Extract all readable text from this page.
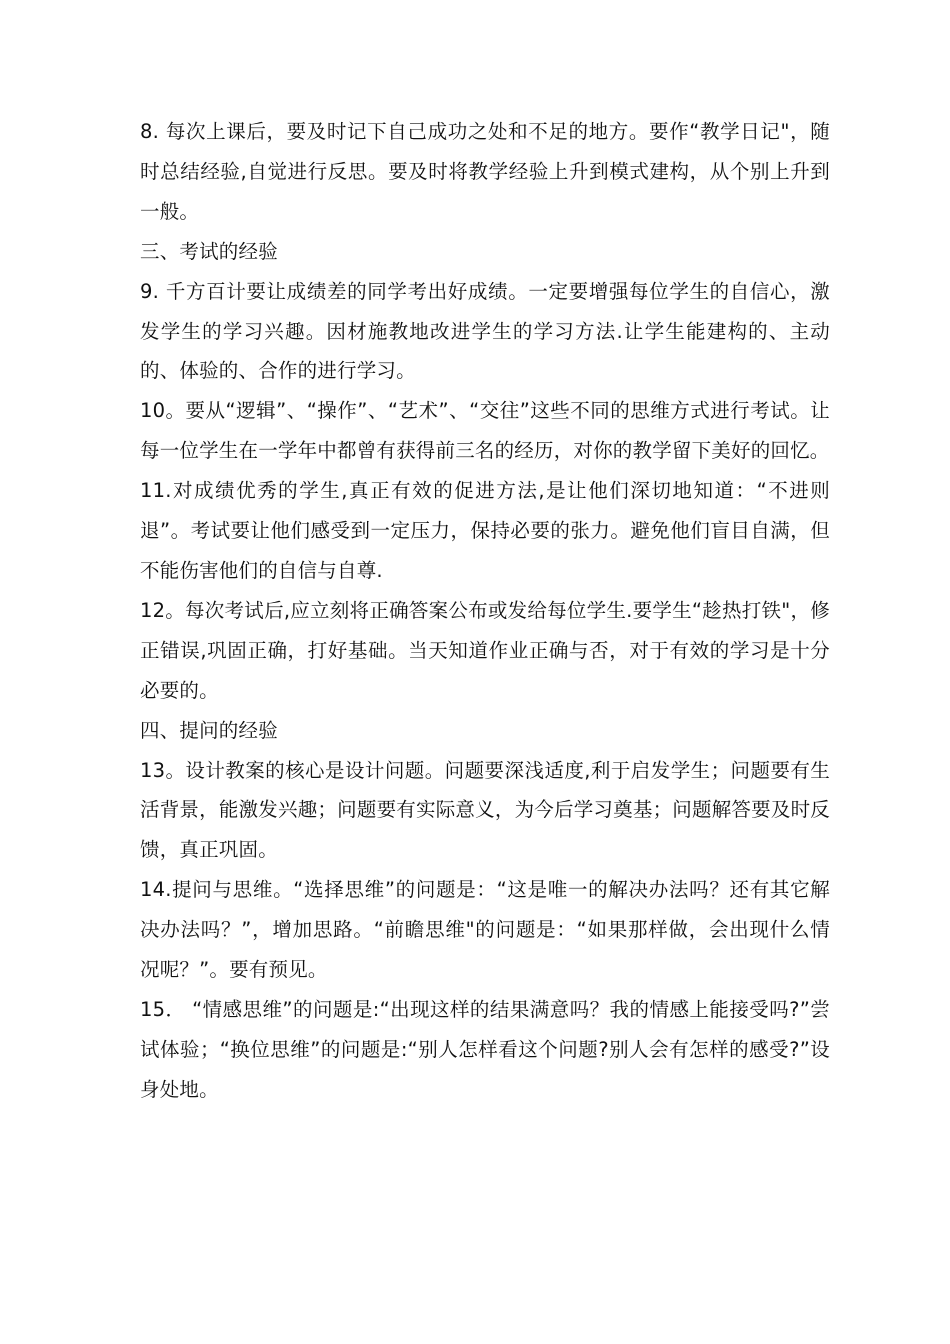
8. 每次上课后，要及时记下自己成功之处和不足的地方。要作“教学日记"，随时总结经验,自觉进行反思。要及时将教学经验上升到模式建构，从个别上升到一般。

三、考试的经验

9. 千方百计要让成绩差的同学考出好成绩。一定要增强每位学生的自信心，激发学生的学习兴趣。因材施教地改进学生的学习方法.让学生能建构的、主动的、体验的、合作的进行学习。

10。要从“逻辑”、“操作”、“艺术”、“交往”这些不同的思维方式进行考试。让每一位学生在一学年中都曾有获得前三名的经历，对你的教学留下美好的回忆。

11.对成绩优秀的学生,真正有效的促进方法,是让他们深切地知道：“不进则退”。考试要让他们感受到一定压力，保持必要的张力。避免他们盲目自满，但不能伤害他们的自信与自尊.

12。每次考试后,应立刻将正确答案公布或发给每位学生.要学生“趁热打铁"，修正错误,巩固正确，打好基础。当天知道作业正确与否，对于有效的学习是十分必要的。

四、提问的经验

13。设计教案的核心是设计问题。问题要深浅适度,利于启发学生；问题要有生活背景，能激发兴趣；问题要有实际意义，为今后学习奠基；问题解答要及时反馈，真正巩固。

14.提问与思维。“选择思维”的问题是：“这是唯一的解决办法吗？还有其它解决办法吗？”，增加思路。“前瞻思维"的问题是：“如果那样做，会出现什么情况呢？”。要有预见。

15． “情感思维”的问题是:“出现这样的结果满意吗？我的情感上能接受吗?”尝试体验；“换位思维”的问题是:“别人怎样看这个问题?别人会有怎样的感受?”设身处地。
